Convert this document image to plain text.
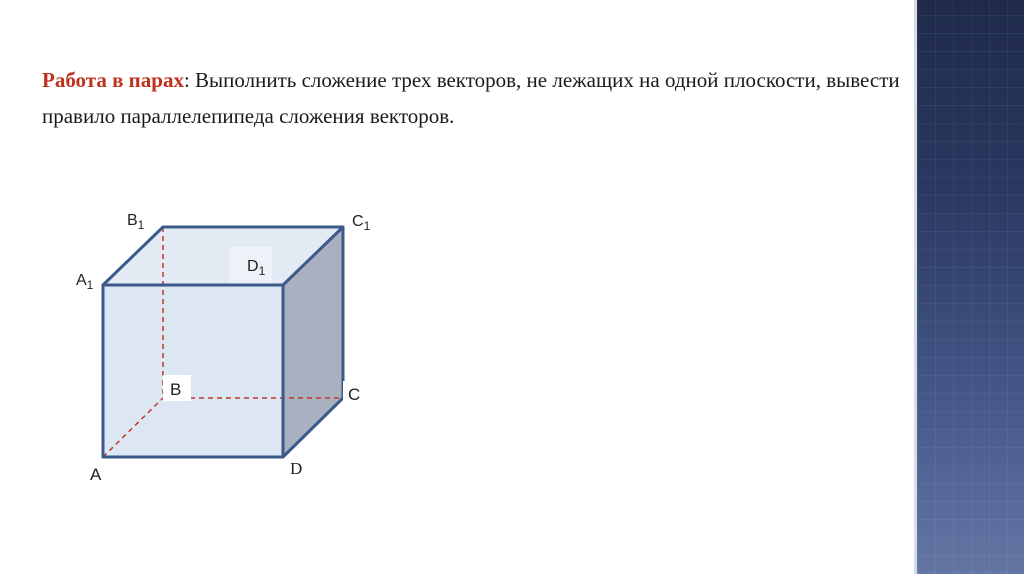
Работа в парах: Выполнить сложение трех векторов, не лежащих на одной плоскости, вывести правило параллелепипеда сложения векторов.

$B_1$	$C_1$
$D_1$
$A_1$
B	C
A	D
